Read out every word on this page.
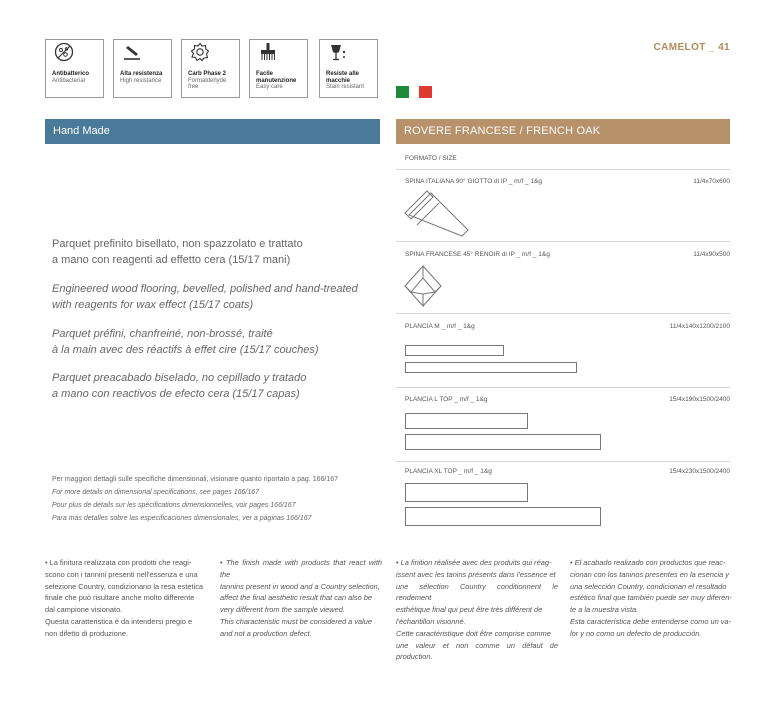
Antibatterico
Antibacterial
Alta resistenza
High resistance
Carb Phase 2
Formaldehyde free
Facile manutenzione
Easy care
Resiste alle macchie
Stain resistant
CAMELOT _ 41
Hand Made	ROVERE FRANCESE / FRENCH OAK
Parquet prefinito bisellato, non spazzolato e trattato
a mano con reagenti ad effetto cera (15/17 mani)
Engineered wood flooring, bevelled, polished and hand-treated
with reagents for wax effect (15/17 coats)
Parquet préfini, chanfreiné, non-brossé, traité
à la main avec des réactifs à effet cire (15/17 couches)
Parquet preacabado biselado, no cepillado y tratado
a mano con reactivos de efecto cera (15/17 capas)
Per maggiori dettagli sulle specifiche dimensionali, visionare quanto riportato a pag. 166/167
For more details on dimensional specifications, see pages 166/167
Pour plus de détails sur les spécifications dimensionnelles, voir pages 166/167
Para más detalles sobre las especificaciones dimensionales, ver a páginas 166/167
FORMATO / SIZE
SPINA ITALIANA 90° GIOTTO di IP _ m/f _ 1&g	11/4x70x600
SPINA FRANCESE 45° RENOIR di IP _ m/f _ 1&g	11/4x90x500
PLANCIA M _ m/f _ 1&g	11/4x140x1200/2100
PLANCIA L TOP _ m/f _ 1&g	15/4x190x1500/2400
PLANCIA XL TOP _ m/f _ 1&g	15/4x230x1500/2400

• La finitura realizzata con prodotti che reagi-

scono con i tannini presenti nell'essenza e una

selezione Country, condizionano la resa estetica

finale che può risultare anche molto differente

dal campione visionato.

Questa caratteristica è da intendersi pregio e

non difetto di produzione.

• The finish made with products that react with the

tannins present in wood and a Country selection,

affect the final aesthetic result that can also be

very different from the sample viewed.

This characteristic must be considered a value

and not a production defect.

• La finition réalisée avec des produits qui réag-

issent avec les tanins présents dans l'essence et

une sélection Country conditionnent le rendement

esthétique final qui peut être très différent de

l'échantillon visionné.

Cette caractéristique doit être comprise comme

une valeur et non comme un défaut de production.

• El acabado realizado con productos que reac-

cionan con los taninos presentes en la esencia y

una selección Country, condicionan el resultado

estético final que también puede ser muy diferen-

te a la muestra vista.

Esta característica debe entenderse como un va-

lor y no como un defecto de producción.
